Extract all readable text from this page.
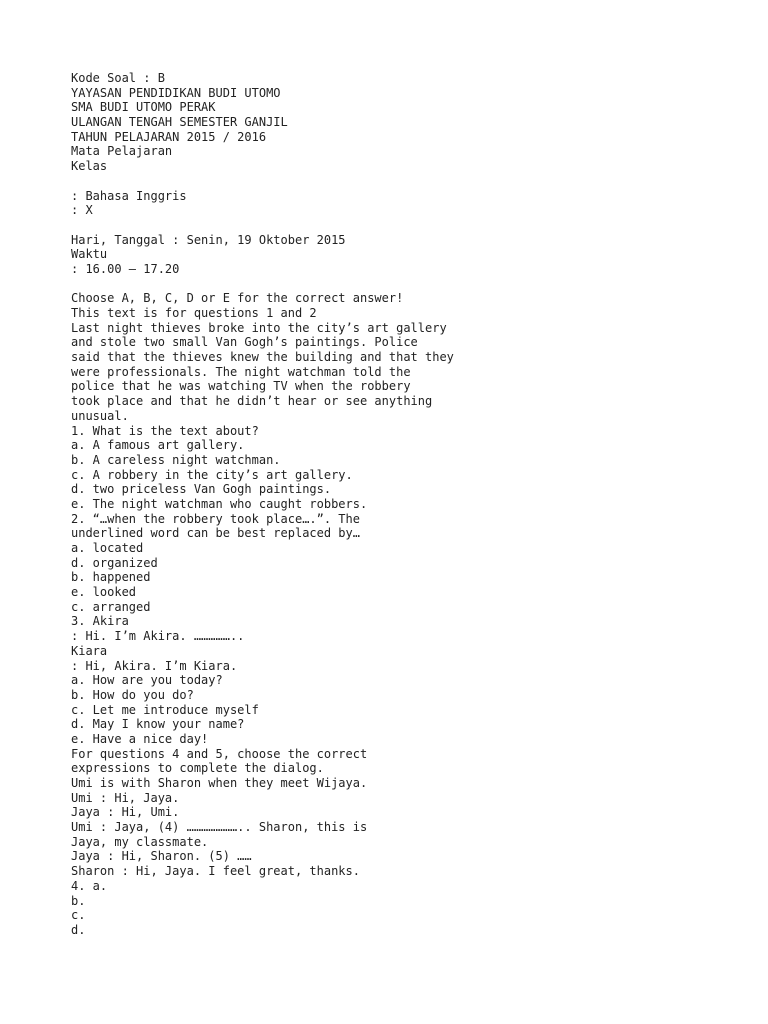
Kode Soal : B
YAYASAN PENDIDIKAN BUDI UTOMO
SMA BUDI UTOMO PERAK
ULANGAN TENGAH SEMESTER GANJIL
TAHUN PELAJARAN 2015 / 2016
Mata Pelajaran
Kelas
: Bahasa Inggris
: X
Hari, Tanggal : Senin, 19 Oktober 2015
Waktu
: 16.00 – 17.20
Choose A, B, C, D or E for the correct answer!
This text is for questions 1 and 2
Last night thieves broke into the city’s art gallery
and stole two small Van Gogh’s paintings. Police
said that the thieves knew the building and that they
were professionals. The night watchman told the
police that he was watching TV when the robbery
took place and that he didn’t hear or see anything
unusual.
1. What is the text about?
a. A famous art gallery.
b. A careless night watchman.
c. A robbery in the city’s art gallery.
d. two priceless Van Gogh paintings.
e. The night watchman who caught robbers.
2. “…when the robbery took place….”. The
underlined word can be best replaced by…
a. located
d. organized
b. happened
e. looked
c. arranged
3. Akira
: Hi. I’m Akira. ……………..
Kiara
: Hi, Akira. I’m Kiara.
a. How are you today?
b. How do you do?
c. Let me introduce myself
d. May I know your name?
e. Have a nice day!
For questions 4 and 5, choose the correct
expressions to complete the dialog.
Umi is with Sharon when they meet Wijaya.
Umi : Hi, Jaya.
Jaya : Hi, Umi.
Umi : Jaya, (4) ………………….. Sharon, this is
Jaya, my classmate.
Jaya : Hi, Sharon. (5) ……
Sharon : Hi, Jaya. I feel great, thanks.
4. a.
b.
c.
d.
